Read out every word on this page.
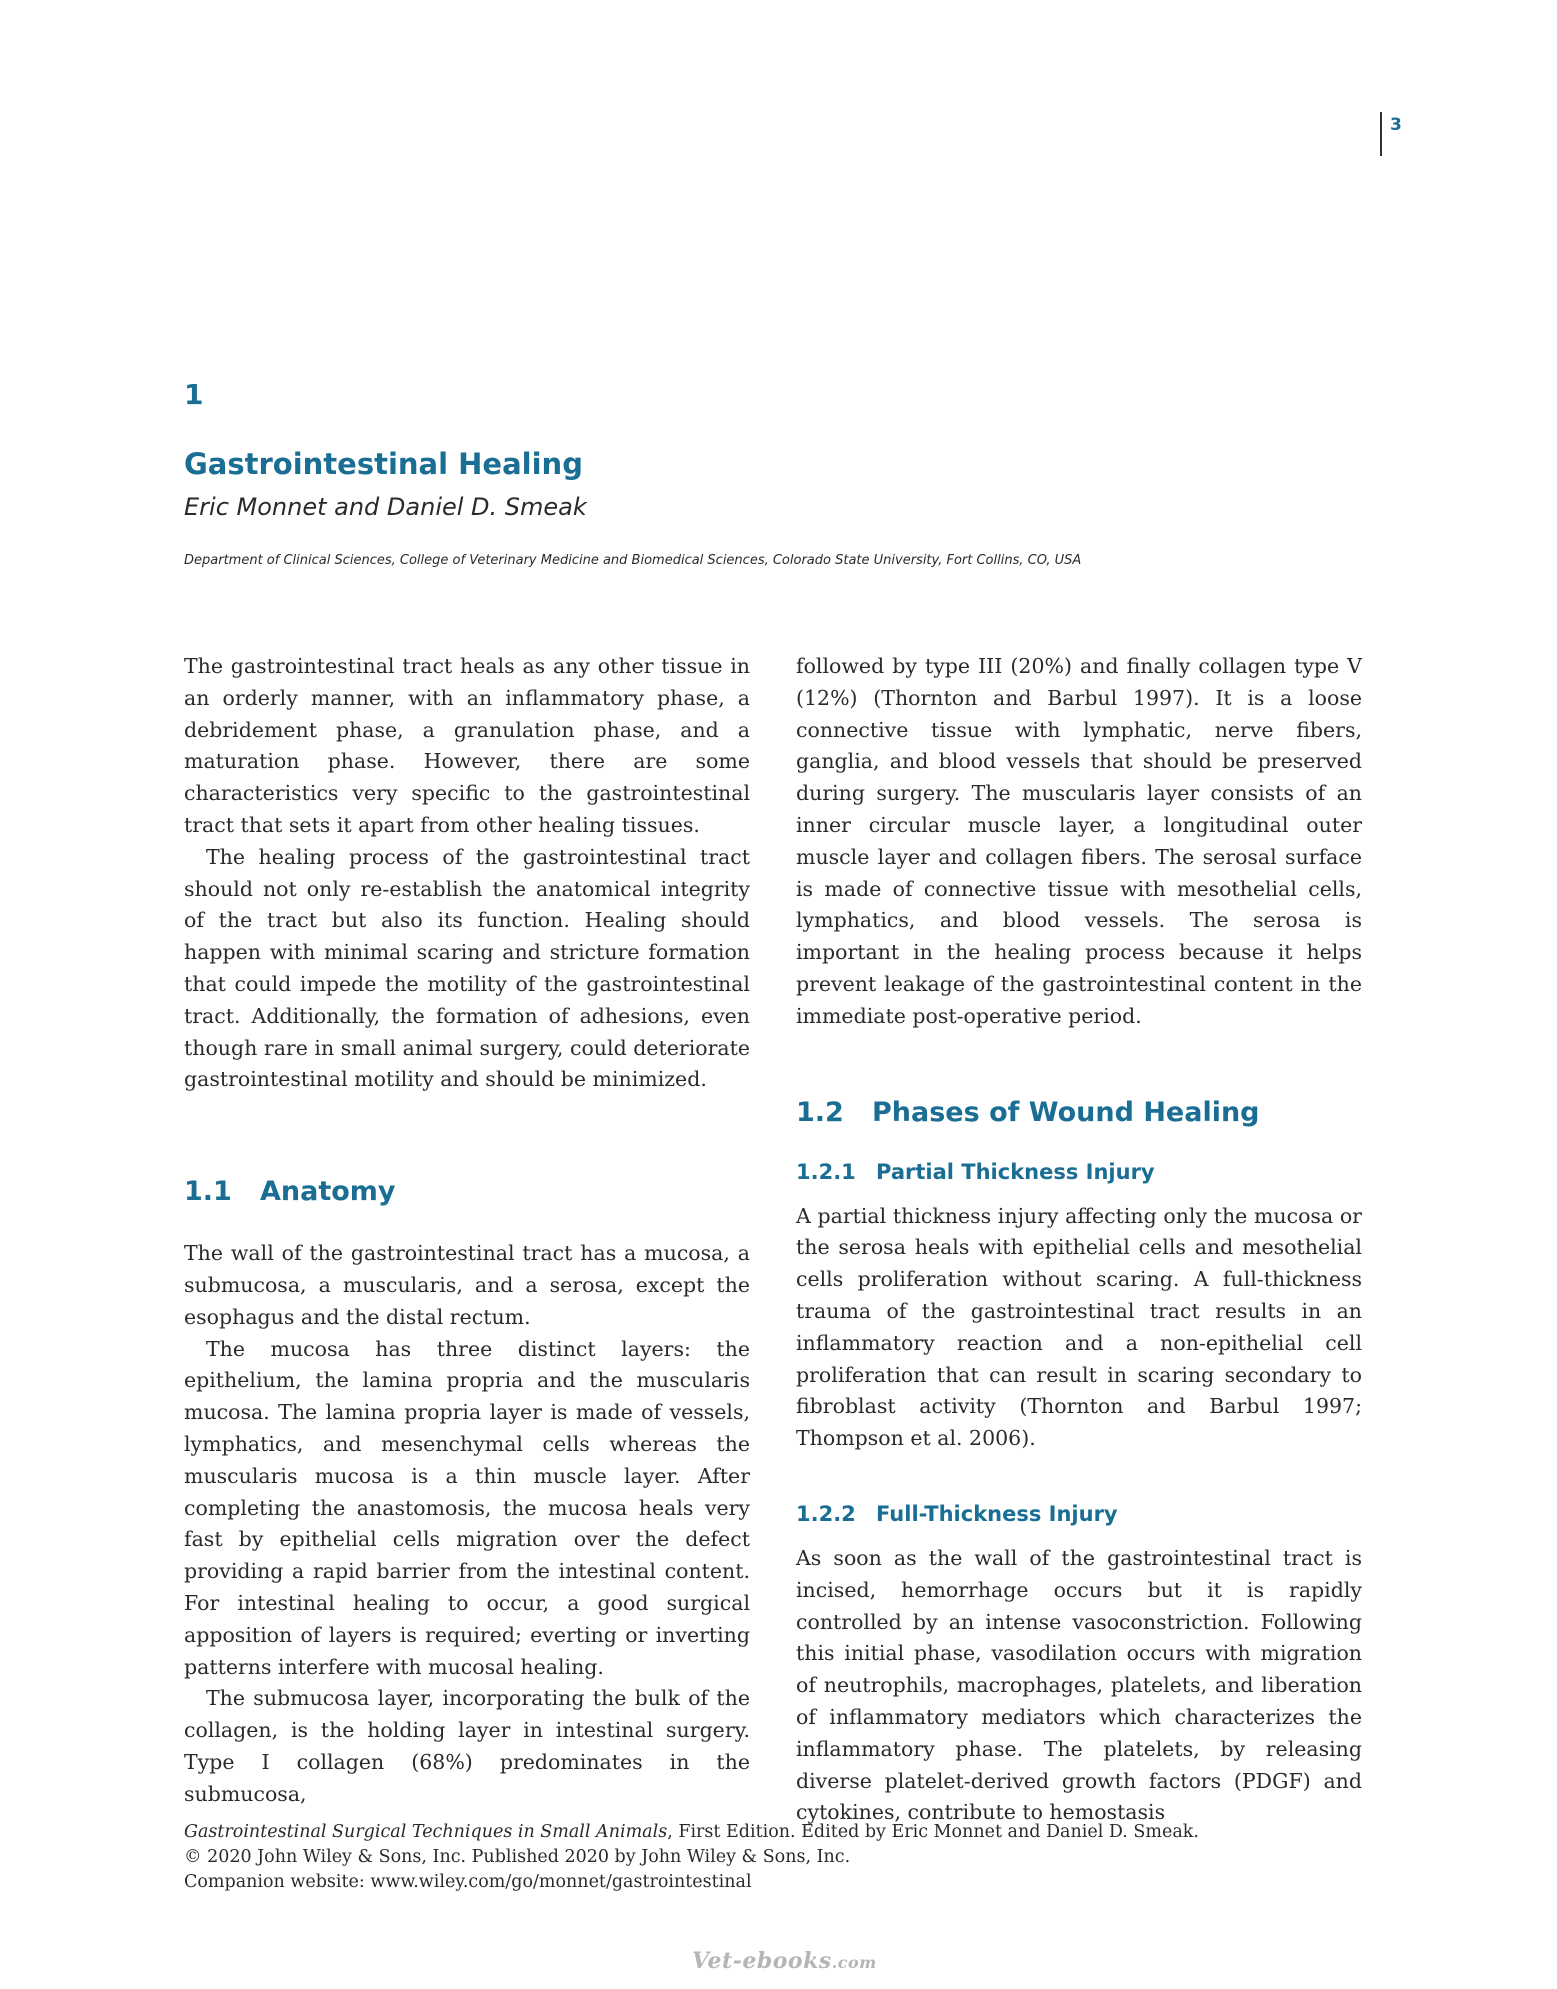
3
1
Gastrointestinal Healing
Eric Monnet and Daniel D. Smeak
Department of Clinical Sciences, College of Veterinary Medicine and Biomedical Sciences, Colorado State University, Fort Collins, CO, USA

The gastrointestinal tract heals as any other tissue in an orderly manner, with an inflammatory phase, a debridement phase, a granulation phase, and a maturation phase. However, there are some characteristics very specific to the gastrointestinal tract that sets it apart from other healing tissues.

The healing process of the gastrointestinal tract should not only re-establish the anatomical integrity of the tract but also its function. Healing should happen with minimal scaring and stricture formation that could impede the motility of the gastrointestinal tract. Additionally, the formation of adhesions, even though rare in small animal surgery, could deteriorate gastrointestinal motility and should be minimized.

1.1 Anatomy

The wall of the gastrointestinal tract has a mucosa, a submucosa, a muscularis, and a serosa, except the esophagus and the distal rectum.

The mucosa has three distinct layers: the epithelium, the lamina propria and the muscularis mucosa. The lamina propria layer is made of vessels, lymphatics, and mesenchymal cells whereas the muscularis mucosa is a thin muscle layer. After completing the anastomosis, the mucosa heals very fast by epithelial cells migration over the defect providing a rapid barrier from the intestinal content. For intestinal healing to occur, a good surgical apposition of layers is required; everting or inverting patterns interfere with mucosal healing.

The submucosa layer, incorporating the bulk of the collagen, is the holding layer in intestinal surgery. Type I collagen (68%) predominates in the submucosa,

followed by type III (20%) and finally collagen type V (12%) (Thornton and Barbul 1997). It is a loose connective tissue with lymphatic, nerve fibers, ganglia, and blood vessels that should be preserved during surgery. The muscularis layer consists of an inner circular muscle layer, a longitudinal outer muscle layer and collagen fibers. The serosal surface is made of connective tissue with mesothelial cells, lymphatics, and blood vessels. The serosa is important in the healing process because it helps prevent leakage of the gastrointestinal content in the immediate post-operative period.

1.2 Phases of Wound Healing
1.2.1 Partial Thickness Injury

A partial thickness injury affecting only the mucosa or the serosa heals with epithelial cells and mesothelial cells proliferation without scaring. A full-thickness trauma of the gastrointestinal tract results in an inflammatory reaction and a non-epithelial cell proliferation that can result in scaring secondary to fibroblast activity (Thornton and Barbul 1997; Thompson et al. 2006).

1.2.2 Full-Thickness Injury

As soon as the wall of the gastrointestinal tract is incised, hemorrhage occurs but it is rapidly controlled by an intense vasoconstriction. Following this initial phase, vasodilation occurs with migration of neutrophils, macrophages, platelets, and liberation of inflammatory mediators which characterizes the inflammatory phase. The platelets, by releasing diverse platelet-derived growth factors (PDGF) and cytokines, contribute to hemostasis

Gastrointestinal Surgical Techniques in Small Animals, First Edition. Edited by Eric Monnet and Daniel D. Smeak.
© 2020 John Wiley & Sons, Inc. Published 2020 by John Wiley & Sons, Inc.
Companion website: www.wiley.com/go/monnet/gastrointestinal
Vet-ebooks.com
